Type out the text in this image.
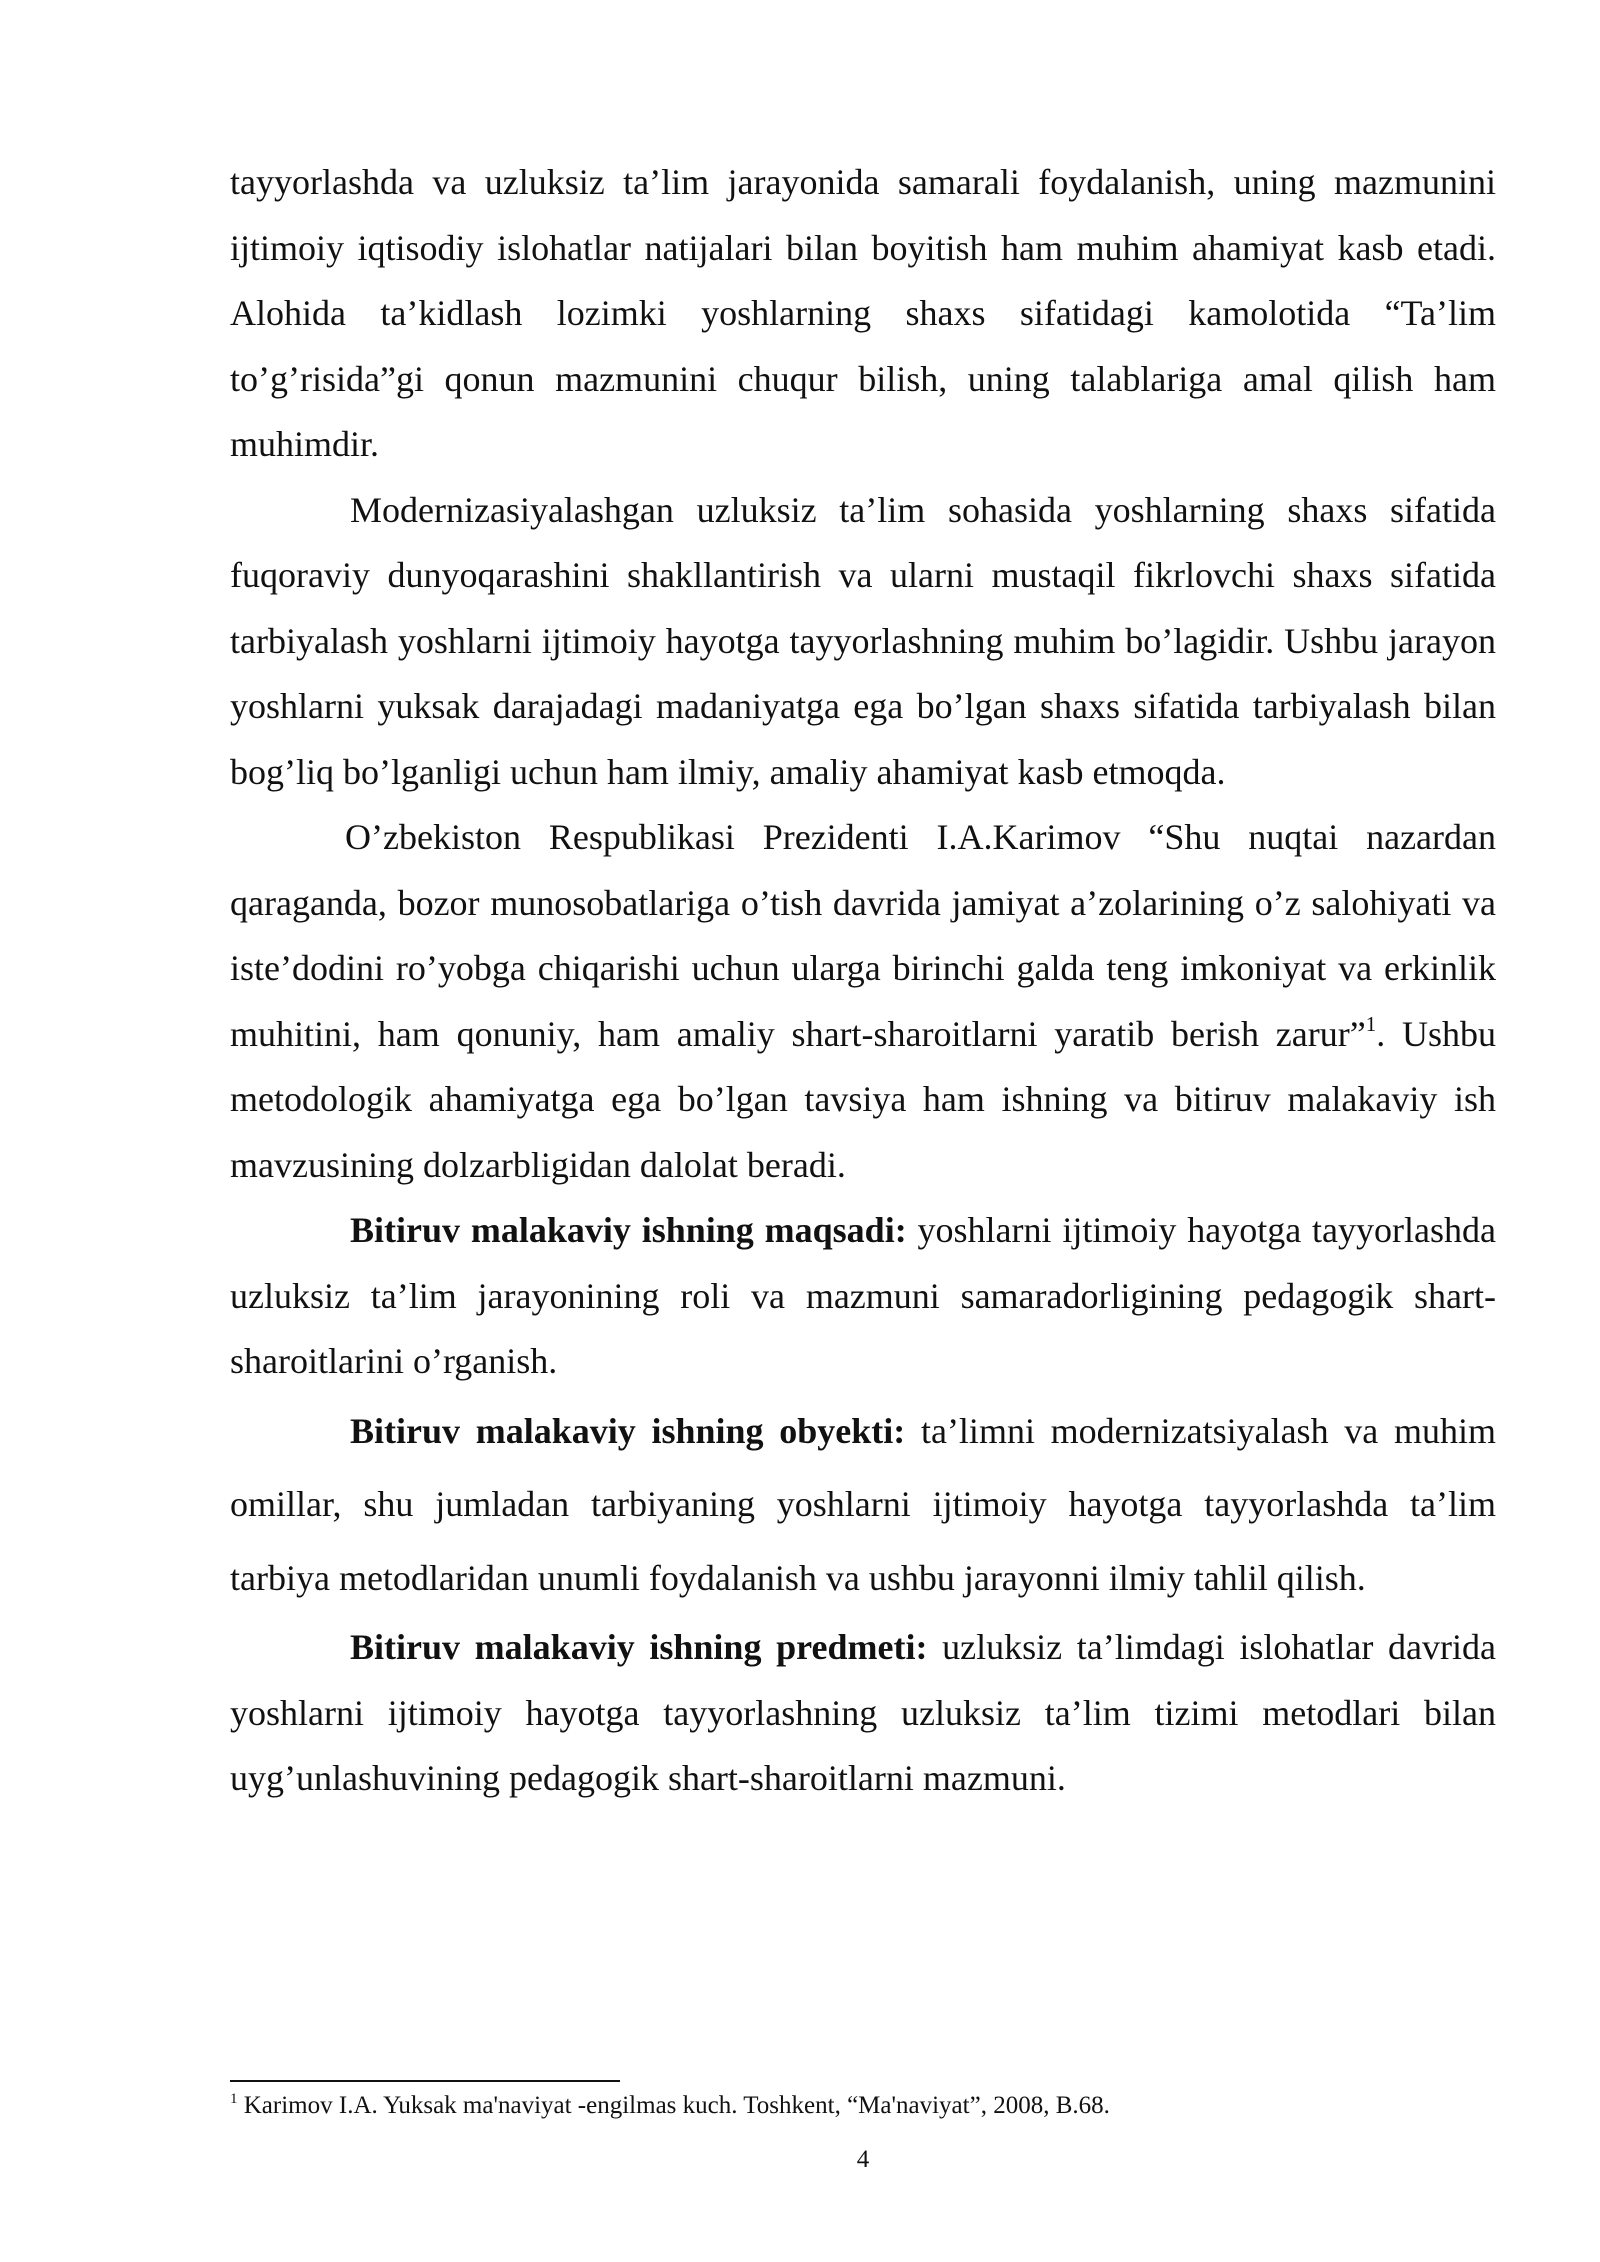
tayyorlashda va uzluksiz ta’lim jarayonida samarali foydalanish, uning mazmunini ijtimoiy iqtisodiy islohatlar natijalari bilan boyitish ham muhim ahamiyat kasb etadi. Alohida ta’kidlash lozimki yoshlarning shaxs sifatidagi kamolotida “Ta’lim to’g’risida”gi qonun mazmunini chuqur bilish, uning talablariga amal qilish ham muhimdir.

Modernizasiyalashgan uzluksiz ta’lim sohasida yoshlarning shaxs sifatida fuqoraviy dunyoqarashini shakllantirish va ularni mustaqil fikrlovchi shaxs sifatida tarbiyalash yoshlarni ijtimoiy hayotga tayyorlashning muhim bo’lagidir. Ushbu jarayon yoshlarni yuksak darajadagi madaniyatga ega bo’lgan shaxs sifatida tarbiyalash bilan bog’liq bo’lganligi uchun ham ilmiy, amaliy ahamiyat kasb etmoqda.

O’zbekiston Respublikasi Prezidenti I.A.Karimov “Shu nuqtai nazardan qaraganda, bozor munosobatlariga o’tish davrida jamiyat a’zolarining o’z salohiyati va iste’dodini ro’yobga chiqarishi uchun ularga birinchi galda teng imkoniyat va erkinlik muhitini, ham qonuniy, ham amaliy shart-sharoitlarni yaratib berish zarur”$^1$. Ushbu metodologik ahamiyatga ega bo’lgan tavsiya ham ishning va bitiruv malakaviy ish mavzusining dolzarbligidan dalolat beradi.

Bitiruv malakaviy ishning maqsadi: yoshlarni ijtimoiy hayotga tayyorlashda uzluksiz ta’lim jarayonining roli va mazmuni samaradorligining pedagogik shart-sharoitlarini o’rganish.

Bitiruv malakaviy ishning obyekti: ta’limni modernizatsiyalash va muhim omillar, shu jumladan tarbiyaning yoshlarni ijtimoiy hayotga tayyorlashda ta’lim tarbiya metodlaridan unumli foydalanish va ushbu jarayonni ilmiy tahlil qilish.

Bitiruv malakaviy ishning predmeti: uzluksiz ta’limdagi islohatlar davrida yoshlarni ijtimoiy hayotga tayyorlashning uzluksiz ta’lim tizimi metodlari bilan uyg’unlashuvining pedagogik shart-sharoitlarni mazmuni.

$^1$ Karimov I.A. Yuksak ma'naviyat -engilmas kuch. Toshkent, “Ma'naviyat”, 2008, B.68.
4
